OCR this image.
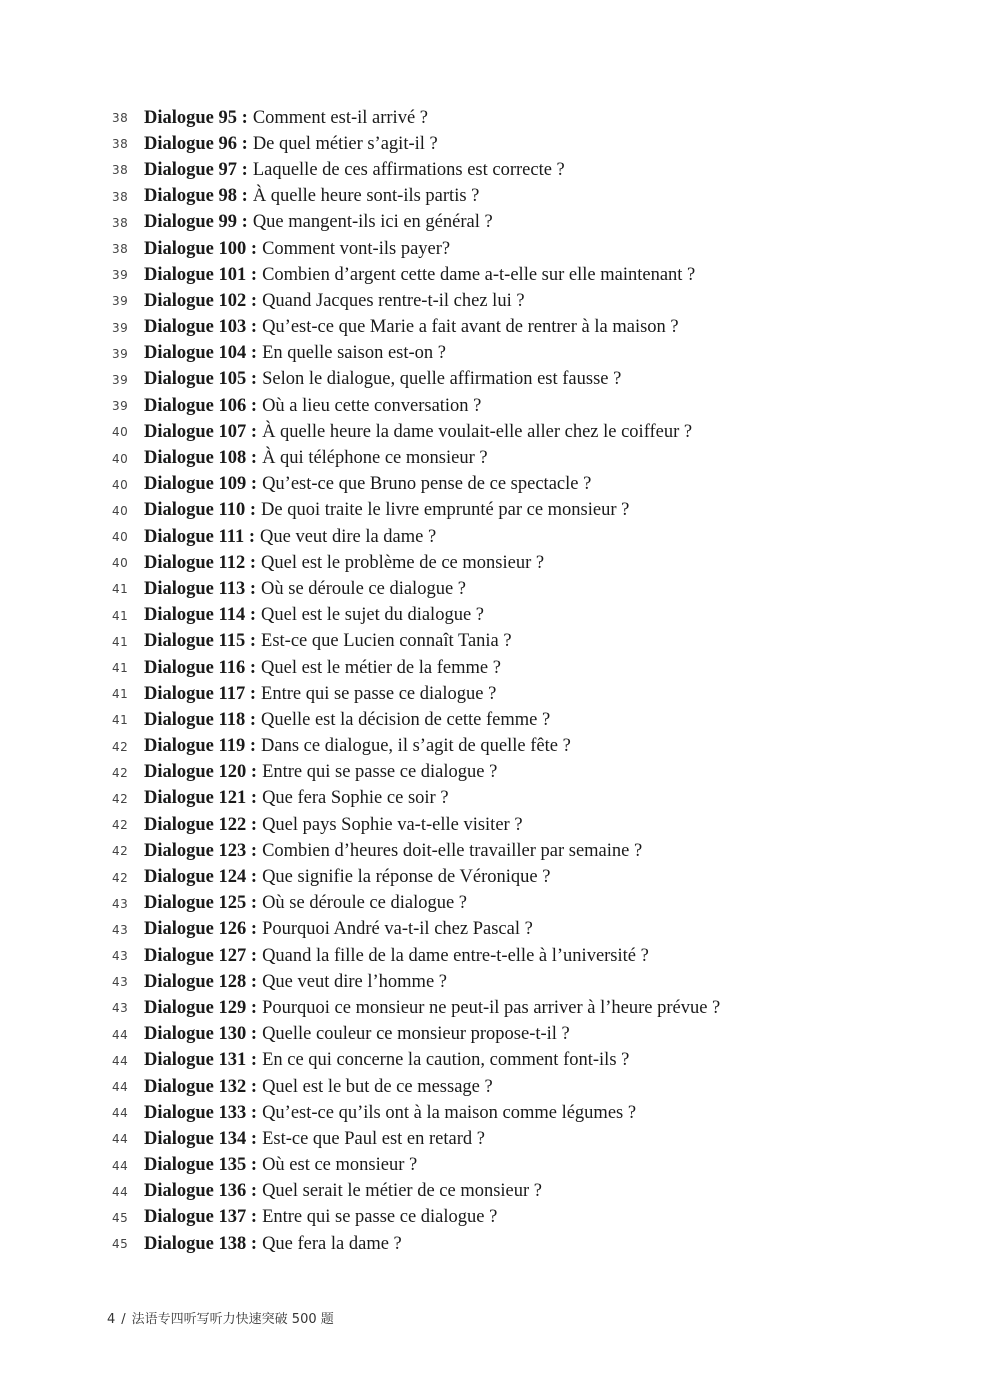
38 Dialogue 95 : Comment est-il arrivé ?
38 Dialogue 96 : De quel métier s’agit-il ?
38 Dialogue 97 : Laquelle de ces affirmations est correcte ?
38 Dialogue 98 : À quelle heure sont-ils partis ?
38 Dialogue 99 : Que mangent-ils ici en général ?
38 Dialogue 100 : Comment vont-ils payer?
39 Dialogue 101 : Combien d’argent cette dame a-t-elle sur elle maintenant ?
39 Dialogue 102 : Quand Jacques rentre-t-il chez lui ?
39 Dialogue 103 : Qu’est-ce que Marie a fait avant de rentrer à la maison ?
39 Dialogue 104 : En quelle saison est-on ?
39 Dialogue 105 : Selon le dialogue, quelle affirmation est fausse ?
39 Dialogue 106 : Où a lieu cette conversation ?
40 Dialogue 107 : À quelle heure la dame voulait-elle aller chez le coiffeur ?
40 Dialogue 108 : À qui téléphone ce monsieur ?
40 Dialogue 109 : Qu’est-ce que Bruno pense de ce spectacle ?
40 Dialogue 110 : De quoi traite le livre emprunté par ce monsieur ?
40 Dialogue 111 : Que veut dire la dame ?
40 Dialogue 112 : Quel est le problème de ce monsieur ?
41 Dialogue 113 : Où se déroule ce dialogue ?
41 Dialogue 114 : Quel est le sujet du dialogue ?
41 Dialogue 115 : Est-ce que Lucien connaît Tania ?
41 Dialogue 116 : Quel est le métier de la femme ?
41 Dialogue 117 : Entre qui se passe ce dialogue ?
41 Dialogue 118 : Quelle est la décision de cette femme ?
42 Dialogue 119 : Dans ce dialogue, il s’agit de quelle fête ?
42 Dialogue 120 : Entre qui se passe ce dialogue ?
42 Dialogue 121 : Que fera Sophie ce soir ?
42 Dialogue 122 : Quel pays Sophie va-t-elle visiter ?
42 Dialogue 123 : Combien d’heures doit-elle travailler par semaine ?
42 Dialogue 124 : Que signifie la réponse de Véronique ?
43 Dialogue 125 : Où se déroule ce dialogue ?
43 Dialogue 126 : Pourquoi André va-t-il chez Pascal ?
43 Dialogue 127 : Quand la fille de la dame entre-t-elle à l’université ?
43 Dialogue 128 : Que veut dire l’homme ?
43 Dialogue 129 : Pourquoi ce monsieur ne peut-il pas arriver à l’heure prévue ?
44 Dialogue 130 : Quelle couleur ce monsieur propose-t-il ?
44 Dialogue 131 : En ce qui concerne la caution, comment font-ils ?
44 Dialogue 132 : Quel est le but de ce message ?
44 Dialogue 133 : Qu’est-ce qu’ils ont à la maison comme légumes ?
44 Dialogue 134 : Est-ce que Paul est en retard ?
44 Dialogue 135 : Où est ce monsieur ?
44 Dialogue 136 : Quel serait le métier de ce monsieur ?
45 Dialogue 137 : Entre qui se passe ce dialogue ?
45 Dialogue 138 : Que fera la dame ?
4 / 法语专四听写听力快速突破 500 题
